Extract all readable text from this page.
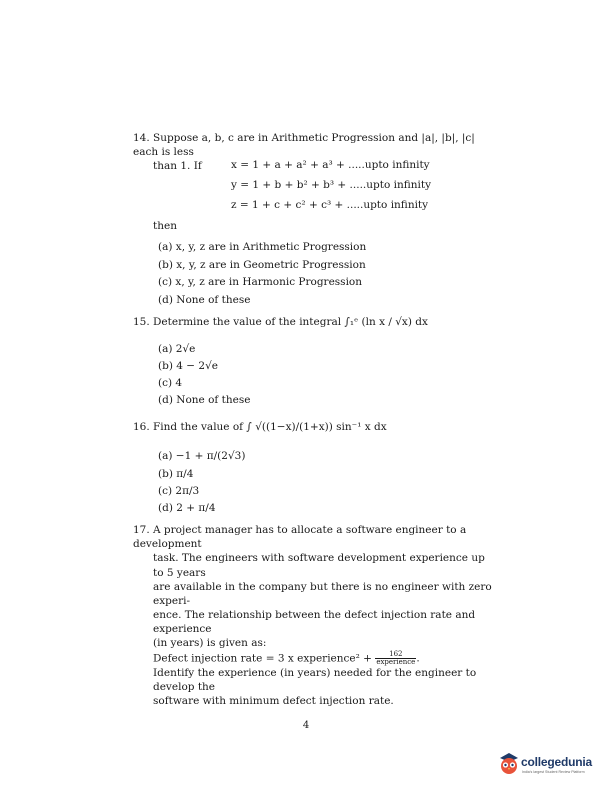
14. Suppose a, b, c are in Arithmetic Progression and |a|, |b|, |c| each is less
than 1. If	x = 1 + a + a² + a³ + .....upto infinity
y = 1 + b + b² + b³ + .....upto infinity
z = 1 + c + c² + c³ + .....upto infinity
then
(a) x, y, z are in Arithmetic Progression
(b) x, y, z are in Geometric Progression
(c) x, y, z are in Harmonic Progression
(d) None of these
15. Determine the value of the integral ∫₁ᵉ (ln x / √x) dx
(a) 2√e
(b) 4 − 2√e
(c) 4
(d) None of these
16. Find the value of ∫ √((1−x)/(1+x)) sin⁻¹ x dx
(a) −1 + π/(2√3)
(b) π/4
(c) 2π/3
(d) 2 + π/4
17. A project manager has to allocate a software engineer to a development
task. The engineers with software development experience up to 5 years
are available in the company but there is no engineer with zero experi-
ence. The relationship between the defect injection rate and experience
(in years) is given as:
Defect injection rate = 3 x experience² + $\frac{162}{\text{experience}}$ .
Identify the experience (in years) needed for the engineer to develop the
software with minimum defect injection rate.
4
collegedunia
India's largest Student Review Platform
